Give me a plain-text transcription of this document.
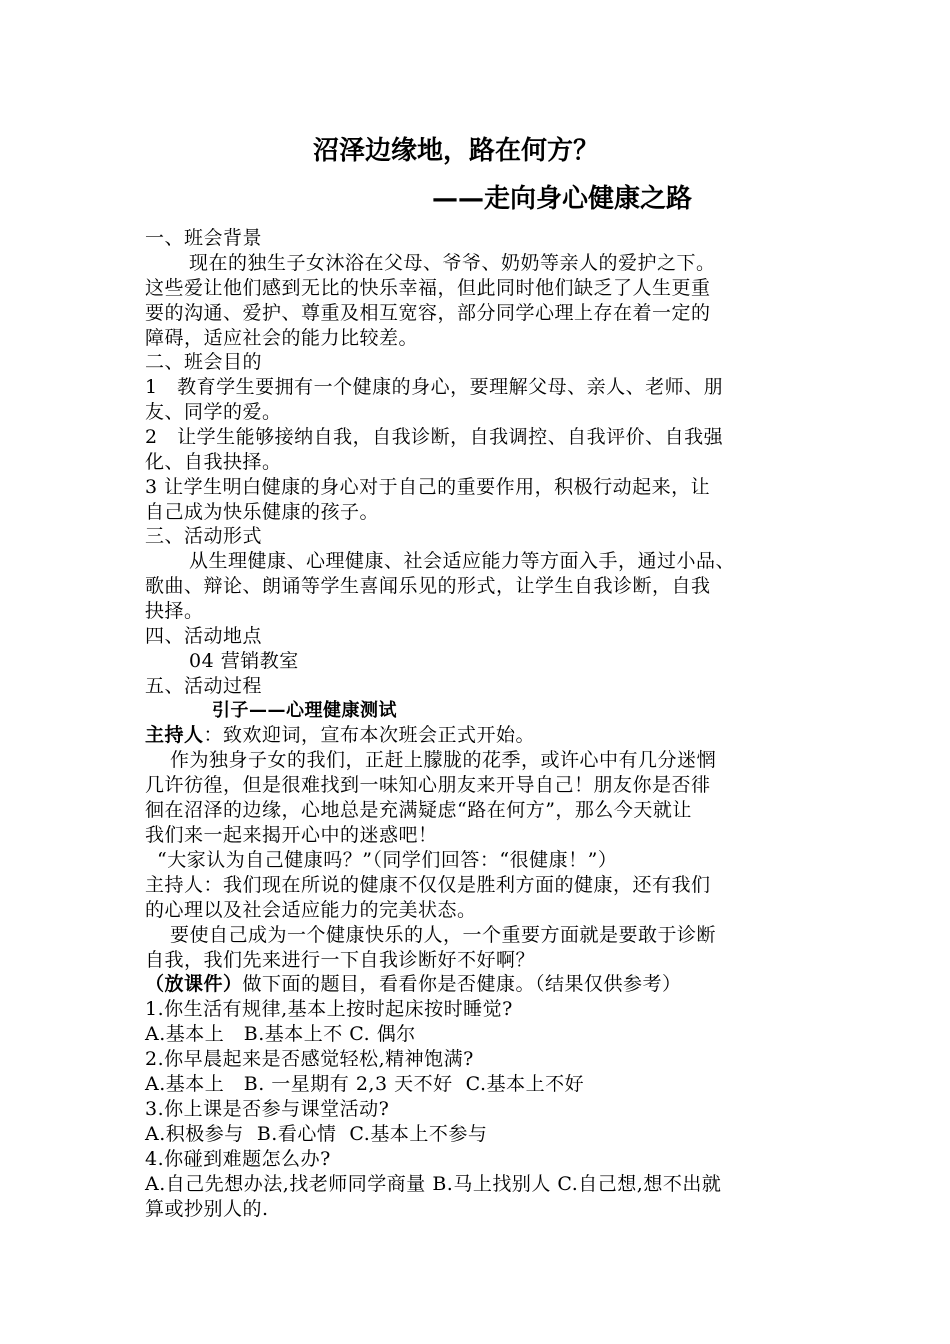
沼泽边缘地，路在何方？
——走向身心健康之路
一、班会背景
现在的独生子女沐浴在父母、爷爷、奶奶等亲人的爱护之下。
这些爱让他们感到无比的快乐幸福，但此同时他们缺乏了人生更重
要的沟通、爱护、尊重及相互宽容，部分同学心理上存在着一定的
障碍，适应社会的能力比较差。
二、班会目的
1　教育学生要拥有一个健康的身心，要理解父母、亲人、老师、朋
友、同学的爱。
2　让学生能够接纳自我，自我诊断，自我调控、自我评价、自我强
化、自我抉择。
3 让学生明白健康的身心对于自己的重要作用，积极行动起来，让
自己成为快乐健康的孩子。
三、活动形式
从生理健康、心理健康、社会适应能力等方面入手，通过小品、
歌曲、辩论、朗诵等学生喜闻乐见的形式，让学生自我诊断，自我
抉择。
四、活动地点
04 营销教室
五、活动过程
引子——心理健康测试
主持人：致欢迎词，宣布本次班会正式开始。
作为独身子女的我们，正赶上朦胧的花季，或许心中有几分迷惘
几许彷徨，但是很难找到一味知心朋友来开导自己！朋友你是否徘
徊在沼泽的边缘，心地总是充满疑虑“路在何方”，那么今天就让
我们来一起来揭开心中的迷惑吧！
“大家认为自己健康吗？”（同学们回答：“很健康！”）
主持人：我们现在所说的健康不仅仅是胜利方面的健康，还有我们
的心理以及社会适应能力的完美状态。
要使自己成为一个健康快乐的人，一个重要方面就是要敢于诊断
自我，我们先来进行一下自我诊断好不好啊？
（放课件）做下面的题目，看看你是否健康。（结果仅供参考）
1.你生活有规律,基本上按时起床按时睡觉?
A.基本上　B.基本上不 C. 偶尔
2.你早晨起来是否感觉轻松,精神饱满?
A.基本上　B. 一星期有 2,3 天不好  C.基本上不好
3.你上课是否参与课堂活动?
A.积极参与  B.看心情  C.基本上不参与
4.你碰到难题怎么办?
A.自己先想办法,找老师同学商量 B.马上找别人 C.自己想,想不出就
算或抄别人的.
